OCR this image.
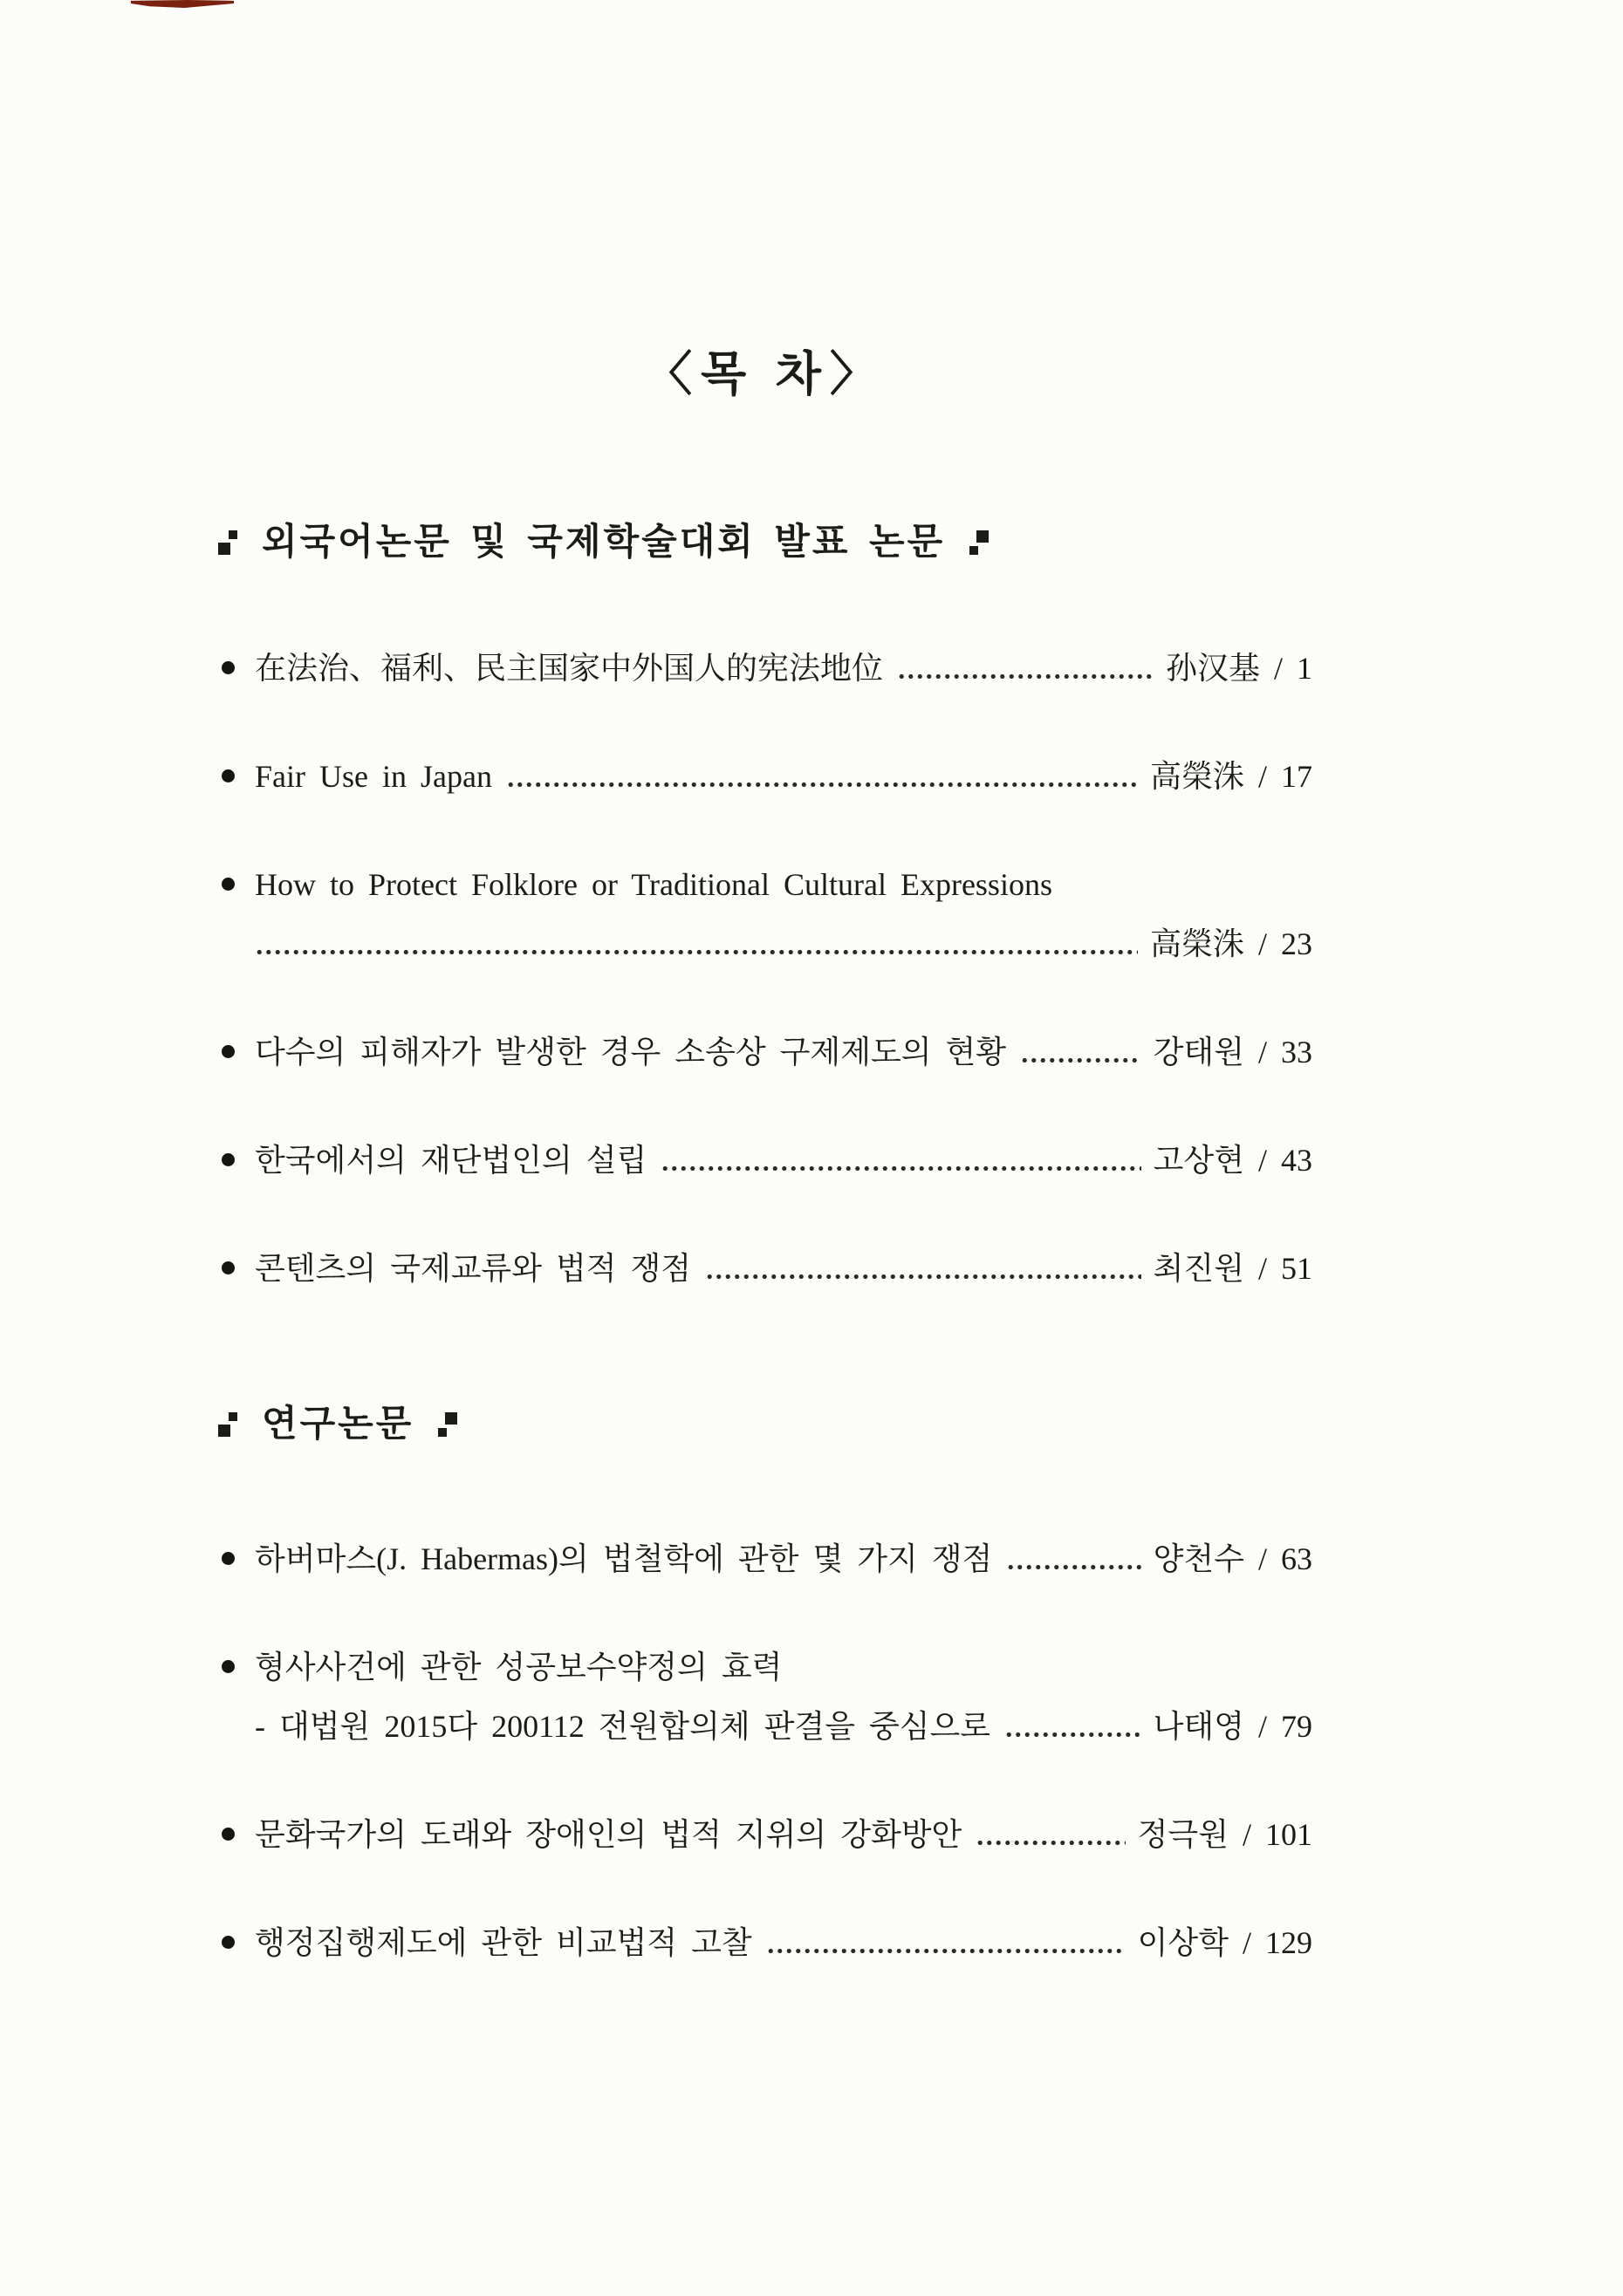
〈목 차〉
외국어논문 및 국제학술대회 발표 논문
在法治、福利、民主国家中外国人的宪法地位	孙汉基 / 1
Fair Use in Japan	高榮洙 / 17
How to Protect Folklore or Traditional Cultural Expressions
高榮洙 / 23
다수의 피해자가 발생한 경우 소송상 구제제도의 현황	강태원 / 33
한국에서의 재단법인의 설립	고상현 / 43
콘텐츠의 국제교류와 법적 쟁점	최진원 / 51
연구논문
하버마스(J. Habermas)의 법철학에 관한 몇 가지 쟁점	양천수 / 63
형사사건에 관한 성공보수약정의 효력
- 대법원 2015다 200112 전원합의체 판결을 중심으로	나태영 / 79
문화국가의 도래와 장애인의 법적 지위의 강화방안	정극원 / 101
행정집행제도에 관한 비교법적 고찰	이상학 / 129
